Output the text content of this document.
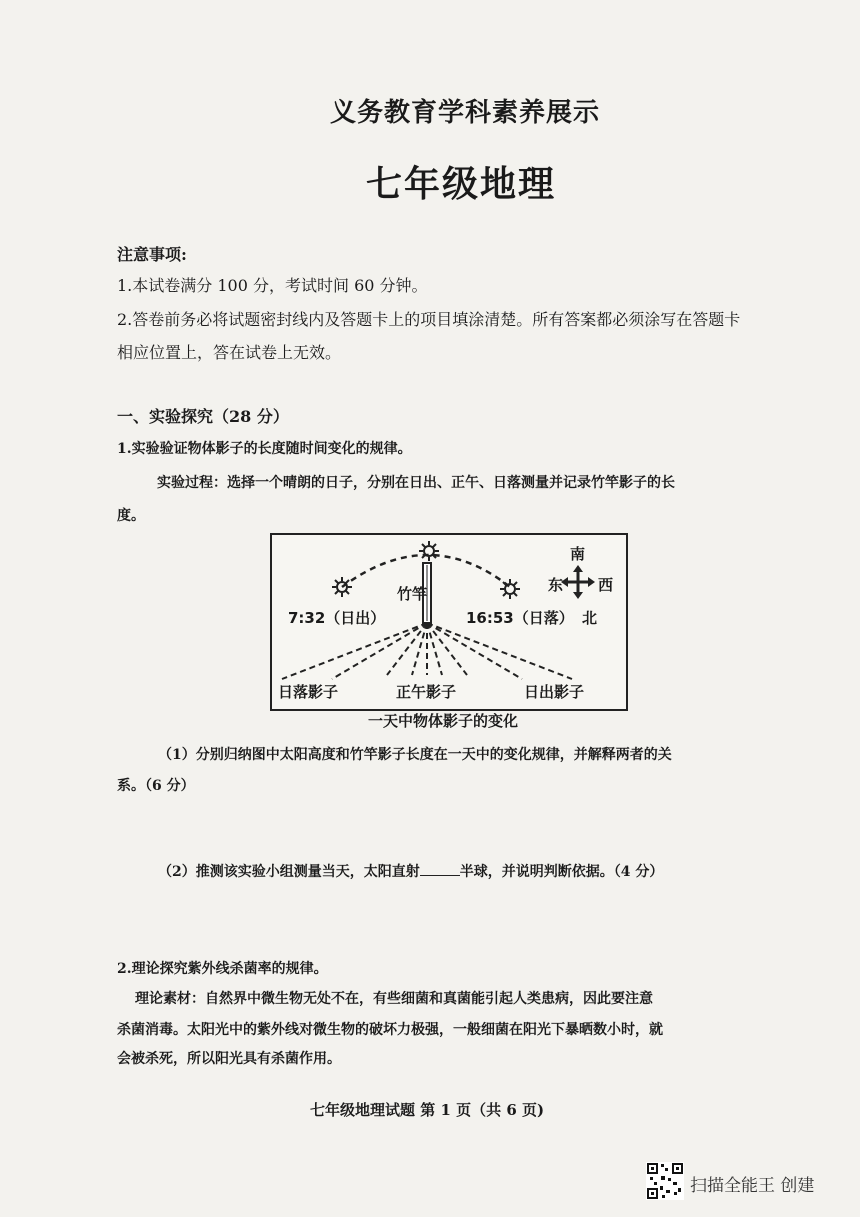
义务教育学科素养展示
七年级地理
注意事项:
1.本试卷满分 100 分，考试时间 60 分钟。
2.答卷前务必将试题密封线内及答题卡上的项目填涂清楚。所有答案都必须涂写在答题卡
相应位置上，答在试卷上无效。
一、实验探究（28 分）
1.实验验证物体影子的长度随时间变化的规律。
实验过程：选择一个晴朗的日子，分别在日出、正午、日落测量并记录竹竿影子的长
度。
竹竿
7:32（日出）	16:53（日落）
南
东 西
北
日落影子	正午影子	日出影子
一天中物体影子的变化
（1）分别归纳图中太阳高度和竹竿影子长度在一天中的变化规律，并解释两者的关
系。（6 分）
（2）推测该实验小组测量当天，太阳直射	半球，并说明判断依据。（4 分）
2.理论探究紫外线杀菌率的规律。
理论素材：自然界中微生物无处不在，有些细菌和真菌能引起人类患病，因此要注意
杀菌消毒。太阳光中的紫外线对微生物的破坏力极强，一般细菌在阳光下暴晒数小时，就
会被杀死，所以阳光具有杀菌作用。
七年级地理试题 第 1 页（共 6 页)
扫描全能王 创建
